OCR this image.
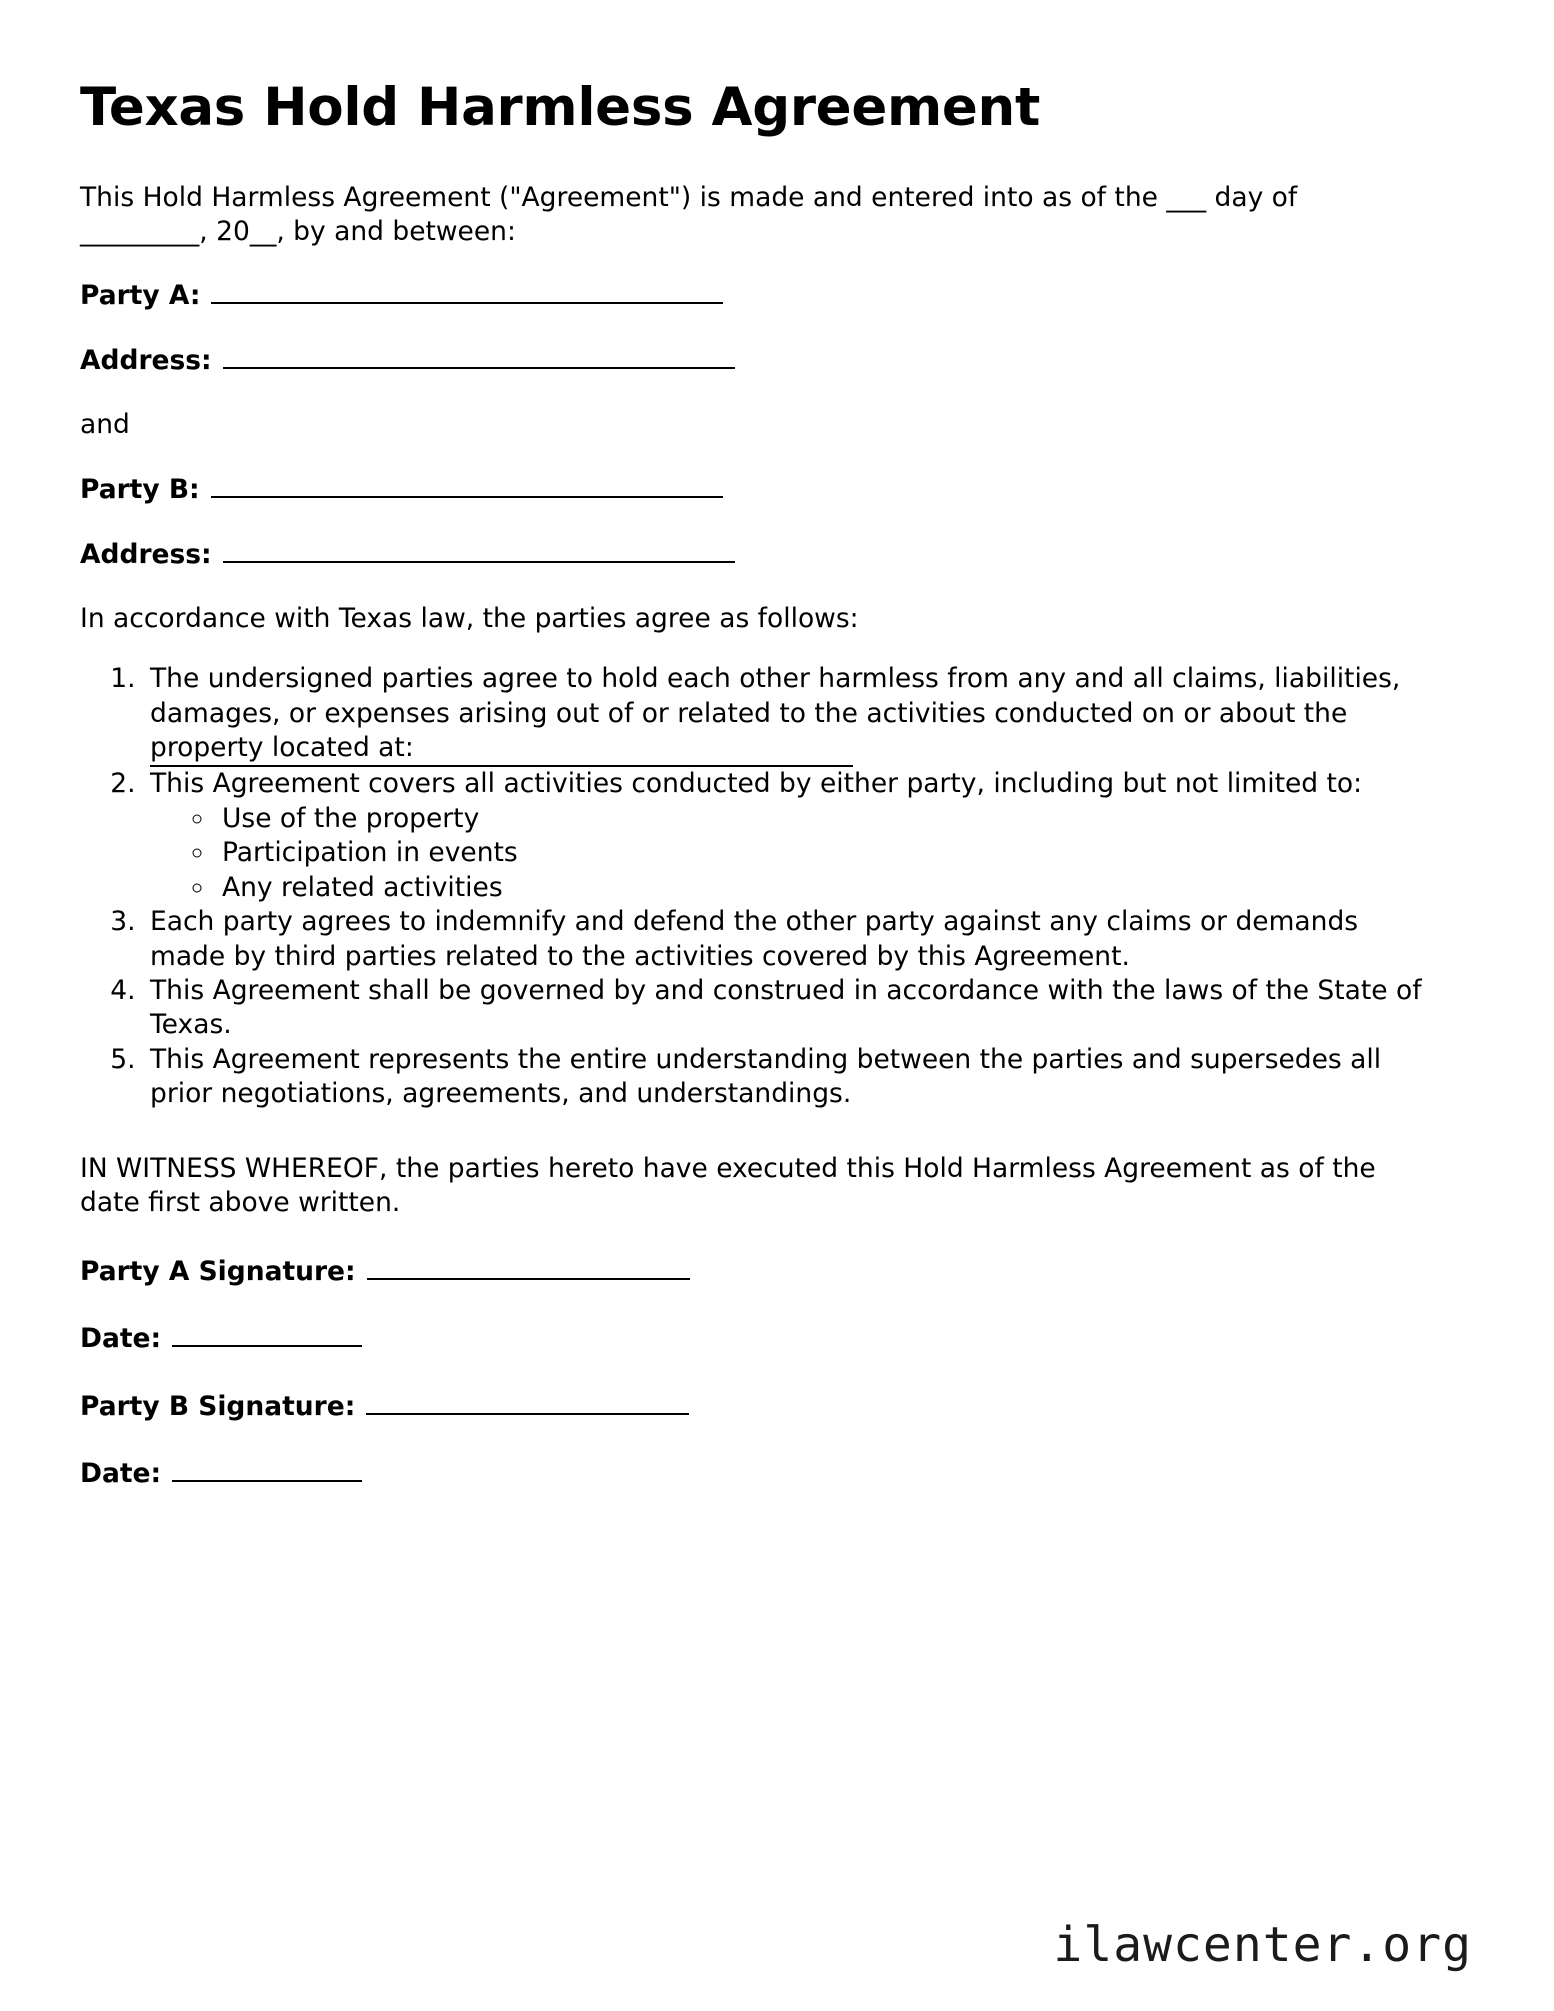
Texas Hold Harmless Agreement

This Hold Harmless Agreement ("Agreement") is made and entered into as of the ___ day of _________, 20__, by and between:

Party A:
Address:

and

Party B:
Address:

In accordance with Texas law, the parties agree as follows:

1. The undersigned parties agree to hold each other harmless from any and all claims, liabilities, damages, or expenses arising out of or related to the activities conducted on or about the property located at:
2. This Agreement covers all activities conducted by either party, including but not limited to:
◦ Use of the property
◦ Participation in events
◦ Any related activities
3. Each party agrees to indemnify and defend the other party against any claims or demands made by third parties related to the activities covered by this Agreement.
4. This Agreement shall be governed by and construed in accordance with the laws of the State of Texas.
5. This Agreement represents the entire understanding between the parties and supersedes all prior negotiations, agreements, and understandings.

IN WITNESS WHEREOF, the parties hereto have executed this Hold Harmless Agreement as of the date first above written.

Party A Signature:
Date:
Party B Signature:
Date:
ilawcenter.org
